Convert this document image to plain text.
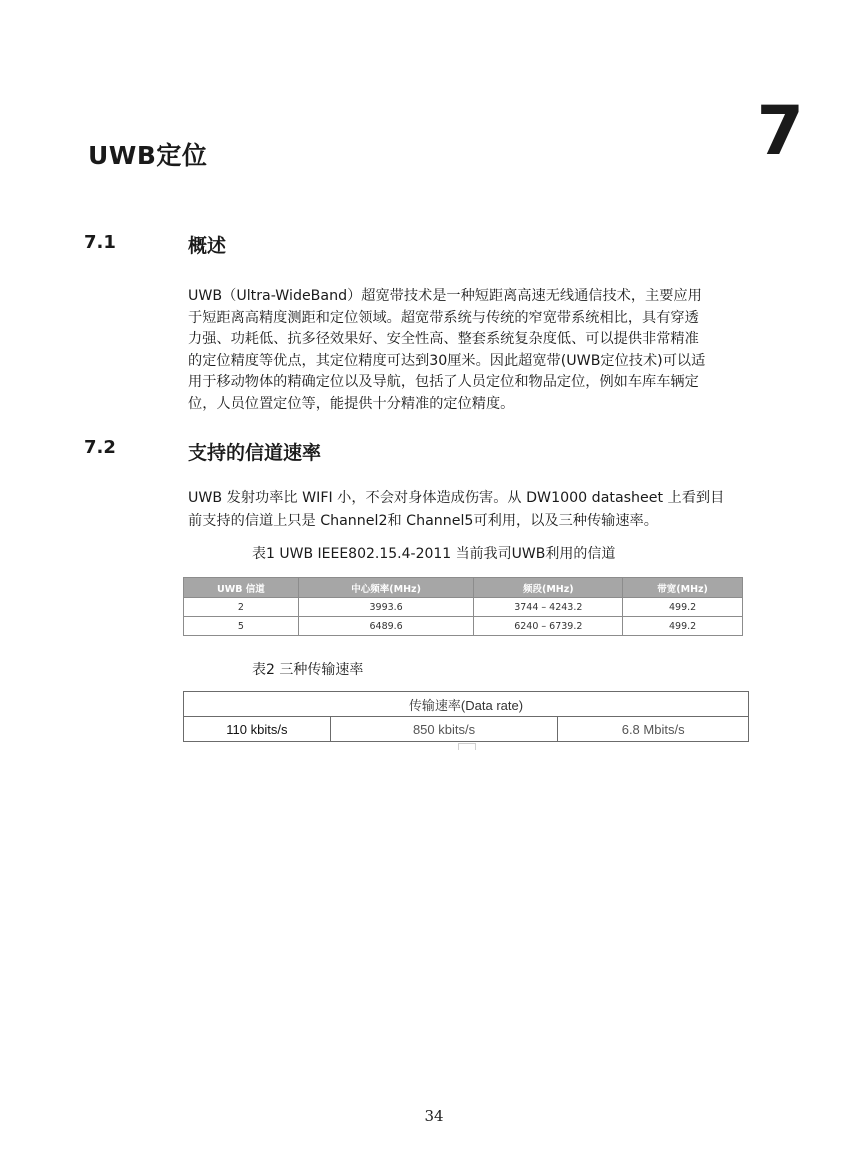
UWB定位	7
7.1	概述
UWB（Ultra-WideBand）超宽带技术是一种短距离高速无线通信技术，主要应用
于短距离高精度测距和定位领域。超宽带系统与传统的窄宽带系统相比，具有穿透
力强、功耗低、抗多径效果好、安全性高、整套系统复杂度低、可以提供非常精准
的定位精度等优点，其定位精度可达到30厘米。因此超宽带(UWB定位技术)可以适
用于移动物体的精确定位以及导航，包括了人员定位和物品定位，例如车库车辆定
位，人员位置定位等，能提供十分精准的定位精度。
7.2	支持的信道速率
UWB 发射功率比 WIFI 小，不会对身体造成伤害。从 DW1000 datasheet 上看到目
前支持的信道上只是 Channel2和 Channel5可利用，以及三种传输速率。
表1 UWB IEEE802.15.4-2011 当前我司UWB利用的信道
UWB 信道	中心频率(MHz)	频段(MHz)	带宽(MHz)
2	3993.6	3744 – 4243.2	499.2
5	6489.6	6240 – 6739.2	499.2
表2 三种传输速率
传输速率(Data rate)
110 kbits/s	850 kbits/s	6.8 Mbits/s
34
